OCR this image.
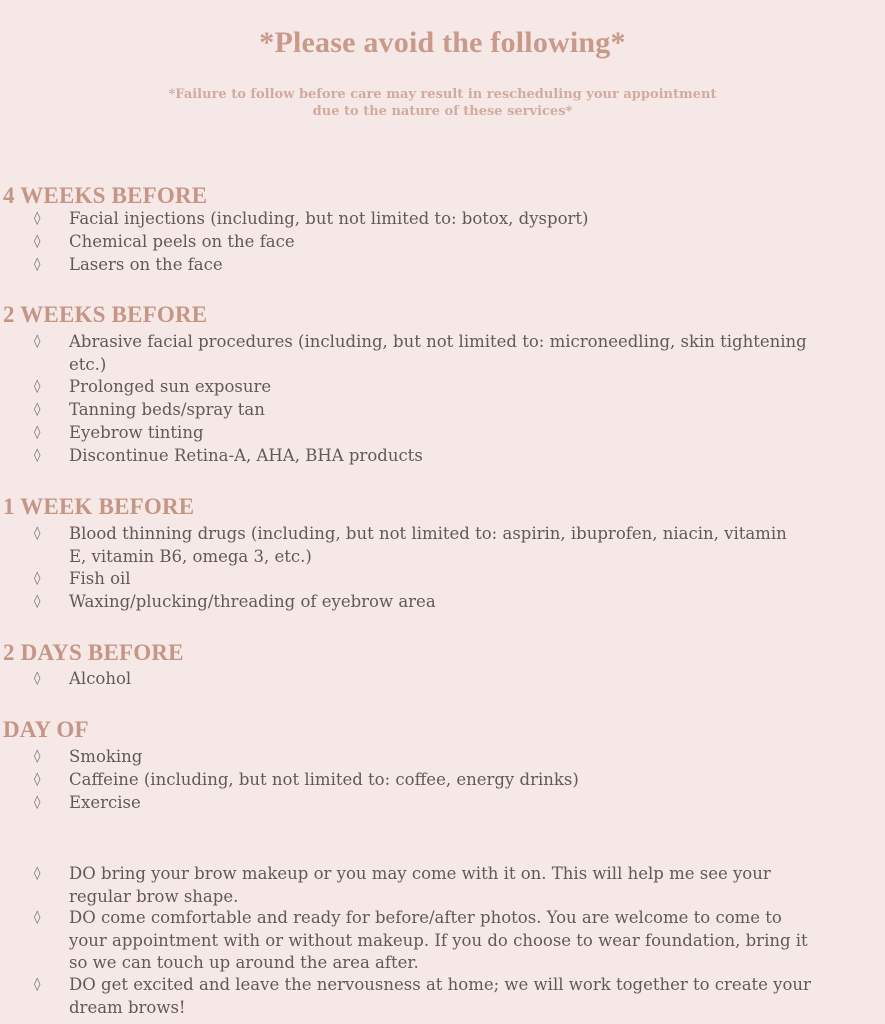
*Please avoid the following*
*Failure to follow before care may result in rescheduling your appointment
due to the nature of these services*
4 WEEKS BEFORE
◊ Facial injections (including, but not limited to: botox, dysport)
◊ Chemical peels on the face
◊ Lasers on the face
2 WEEKS BEFORE
◊ Abrasive facial procedures (including, but not limited to: microneedling, skin tightening
etc.)
◊ Prolonged sun exposure
◊ Tanning beds/spray tan
◊ Eyebrow tinting
◊ Discontinue Retina-A, AHA, BHA products
1 WEEK BEFORE
◊ Blood thinning drugs (including, but not limited to: aspirin, ibuprofen, niacin, vitamin
E, vitamin B6, omega 3, etc.)
◊ Fish oil
◊ Waxing/plucking/threading of eyebrow area
2 DAYS BEFORE
◊ Alcohol
DAY OF
◊ Smoking
◊ Caffeine (including, but not limited to: coffee, energy drinks)
◊ Exercise
◊ DO bring your brow makeup or you may come with it on. This will help me see your
regular brow shape.
◊ DO come comfortable and ready for before/after photos. You are welcome to come to
your appointment with or without makeup. If you do choose to wear foundation, bring it
so we can touch up around the area after.
◊ DO get excited and leave the nervousness at home; we will work together to create your
dream brows!
